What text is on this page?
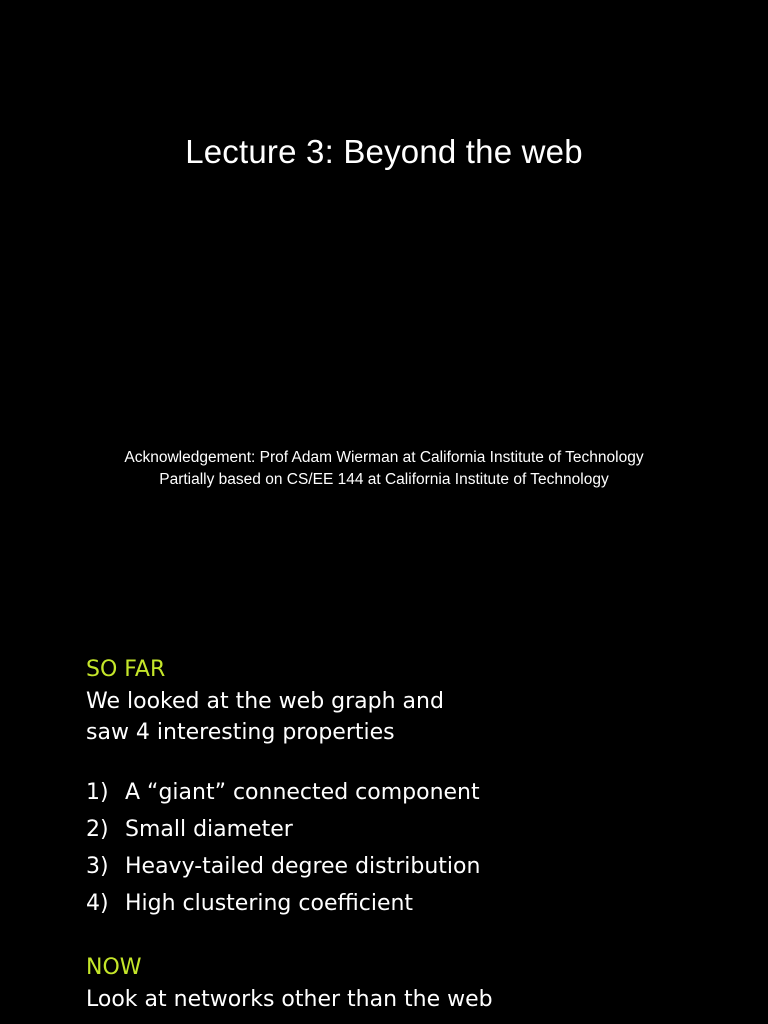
Lecture 3: Beyond the web
Acknowledgement: Prof Adam Wierman at California Institute of Technology
Partially based on CS/EE 144 at California Institute of Technology
SO FAR
We looked at the web graph and
saw 4 interesting properties
1) A “giant” connected component
2) Small diameter
3) Heavy-tailed degree distribution
4) High clustering coefficient
NOW
Look at networks other than the web
